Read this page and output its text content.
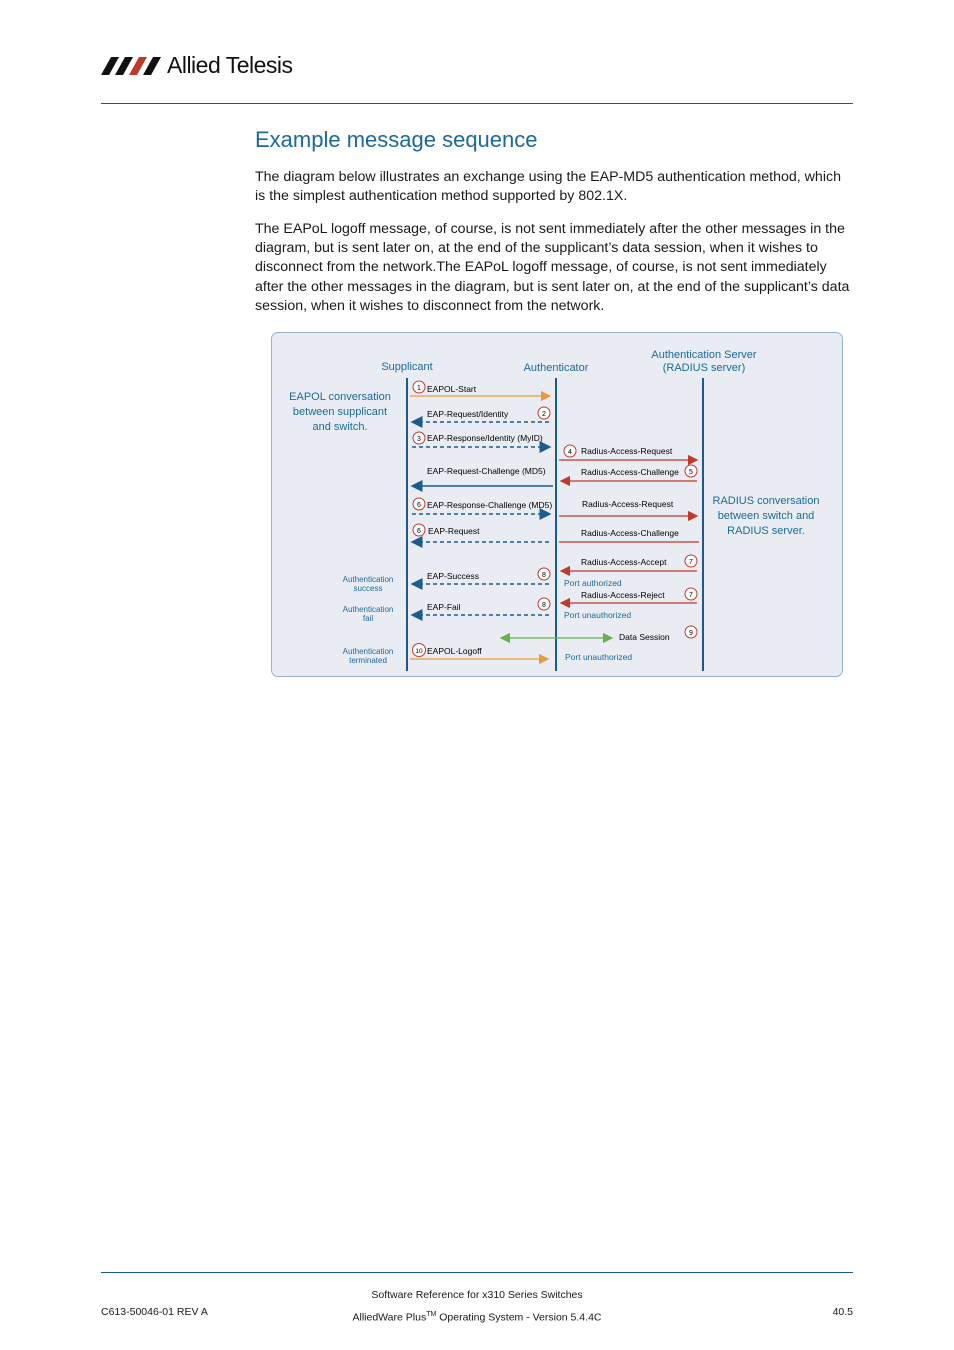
Allied Telesis
Example message sequence

The diagram below illustrates an exchange using the EAP-MD5 authentication method, which is the simplest authentication method supported by 802.1X.

The EAPoL logoff message, of course, is not sent immediately after the other messages in the diagram, but is sent later on, at the end of the supplicant’s data session, when it wishes to disconnect from the network.The EAPoL logoff message, of course, is not sent immediately after the other messages in the diagram, but is sent later on, at the end of the supplicant’s data session, when it wishes to disconnect from the network.

Supplicant	Authenticator
Authentication Server
(RADIUS server)
EAPOL conversation
between supplicant
and switch.
RADIUS conversation
between switch and
RADIUS server.
Authentication
success
Authentication
fail
Authentication
terminated
1 EAPOL-Start
2
EAP-Request/Identity
3 EAP-Response/Identity (MyID)
4 Radius-Access-Request
5
Radius-Access-Challenge
EAP-Request-Challenge (MD5)
6 EAP-Response-Challenge (MD5)	Radius-Access-Request
6 EAP-Request	Radius-Access-Challenge
7
Radius-Access-Accept
8
EAP-Success
Port authorized
7
Radius-Access-Reject
8
EAP-Fail
Port unauthorized
9
Data Session
10 EAPOL-Logoff
Port unauthorized
Software Reference for x310 Series Switches
AlliedWare Plus™ Operating System - Version 5.4.4C
C613-50046-01 REV A	40.5
